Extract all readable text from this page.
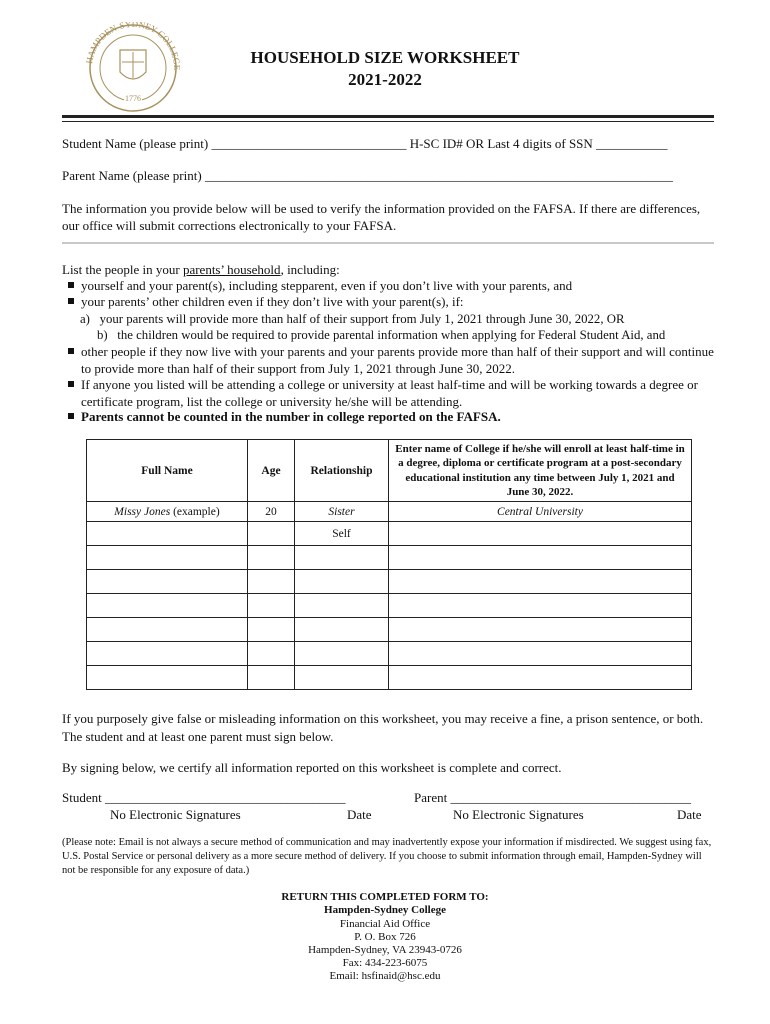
HAMPDEN-SYDNEY COLLEGE
1776
HOUSEHOLD SIZE WORKSHEET
2021-2022
Student Name (please print) ______________________________ H-SC ID# OR Last 4 digits of SSN ___________
Parent Name (please print) ________________________________________________________________________
The information you provide below will be used to verify the information provided on the FAFSA. If there are differences, our office will submit corrections electronically to your FAFSA.
List the people in your parents’ household, including:
yourself and your parent(s), including stepparent, even if you don’t live with your parents, and
your parents’ other children even if they don’t live with your parent(s), if:
a) your parents will provide more than half of their support from July 1, 2021 through June 30, 2022, OR
b) the children would be required to provide parental information when applying for Federal Student Aid, and
other people if they now live with your parents and your parents provide more than half of their support and will continue to provide more than half of their support from July 1, 2021 through June 30, 2022.
If anyone you listed will be attending a college or university at least half-time and will be working towards a degree or certificate program, list the college or university he/she will be attending.
Parents cannot be counted in the number in college reported on the FAFSA.
Full Name	Age	Relationship	Enter name of College if he/she will enroll at least half-time in a degree, diploma or certificate program at a post-secondary educational institution any time between July 1, 2021 and June 30, 2022.
Missy Jones (example)	20	Sister	Central University
		Self	

If you purposely give false or misleading information on this worksheet, you may receive a fine, a prison sentence, or both. The student and at least one parent must sign below.
By signing below, we certify all information reported on this worksheet is complete and correct.
Student _____________________________________
No Electronic Signatures	Date
Parent _____________________________________
No Electronic Signatures	Date
(Please note: Email is not always a secure method of communication and may inadvertently expose your information if misdirected. We suggest using fax, U.S. Postal Service or personal delivery as a more secure method of delivery. If you choose to submit information through email, Hampden-Sydney will not be responsible for any exposure of data.)
RETURN THIS COMPLETED FORM TO:
Hampden-Sydney College
Financial Aid Office
P. O. Box 726
Hampden-Sydney, VA 23943-0726
Fax: 434-223-6075
Email: hsfinaid@hsc.edu
